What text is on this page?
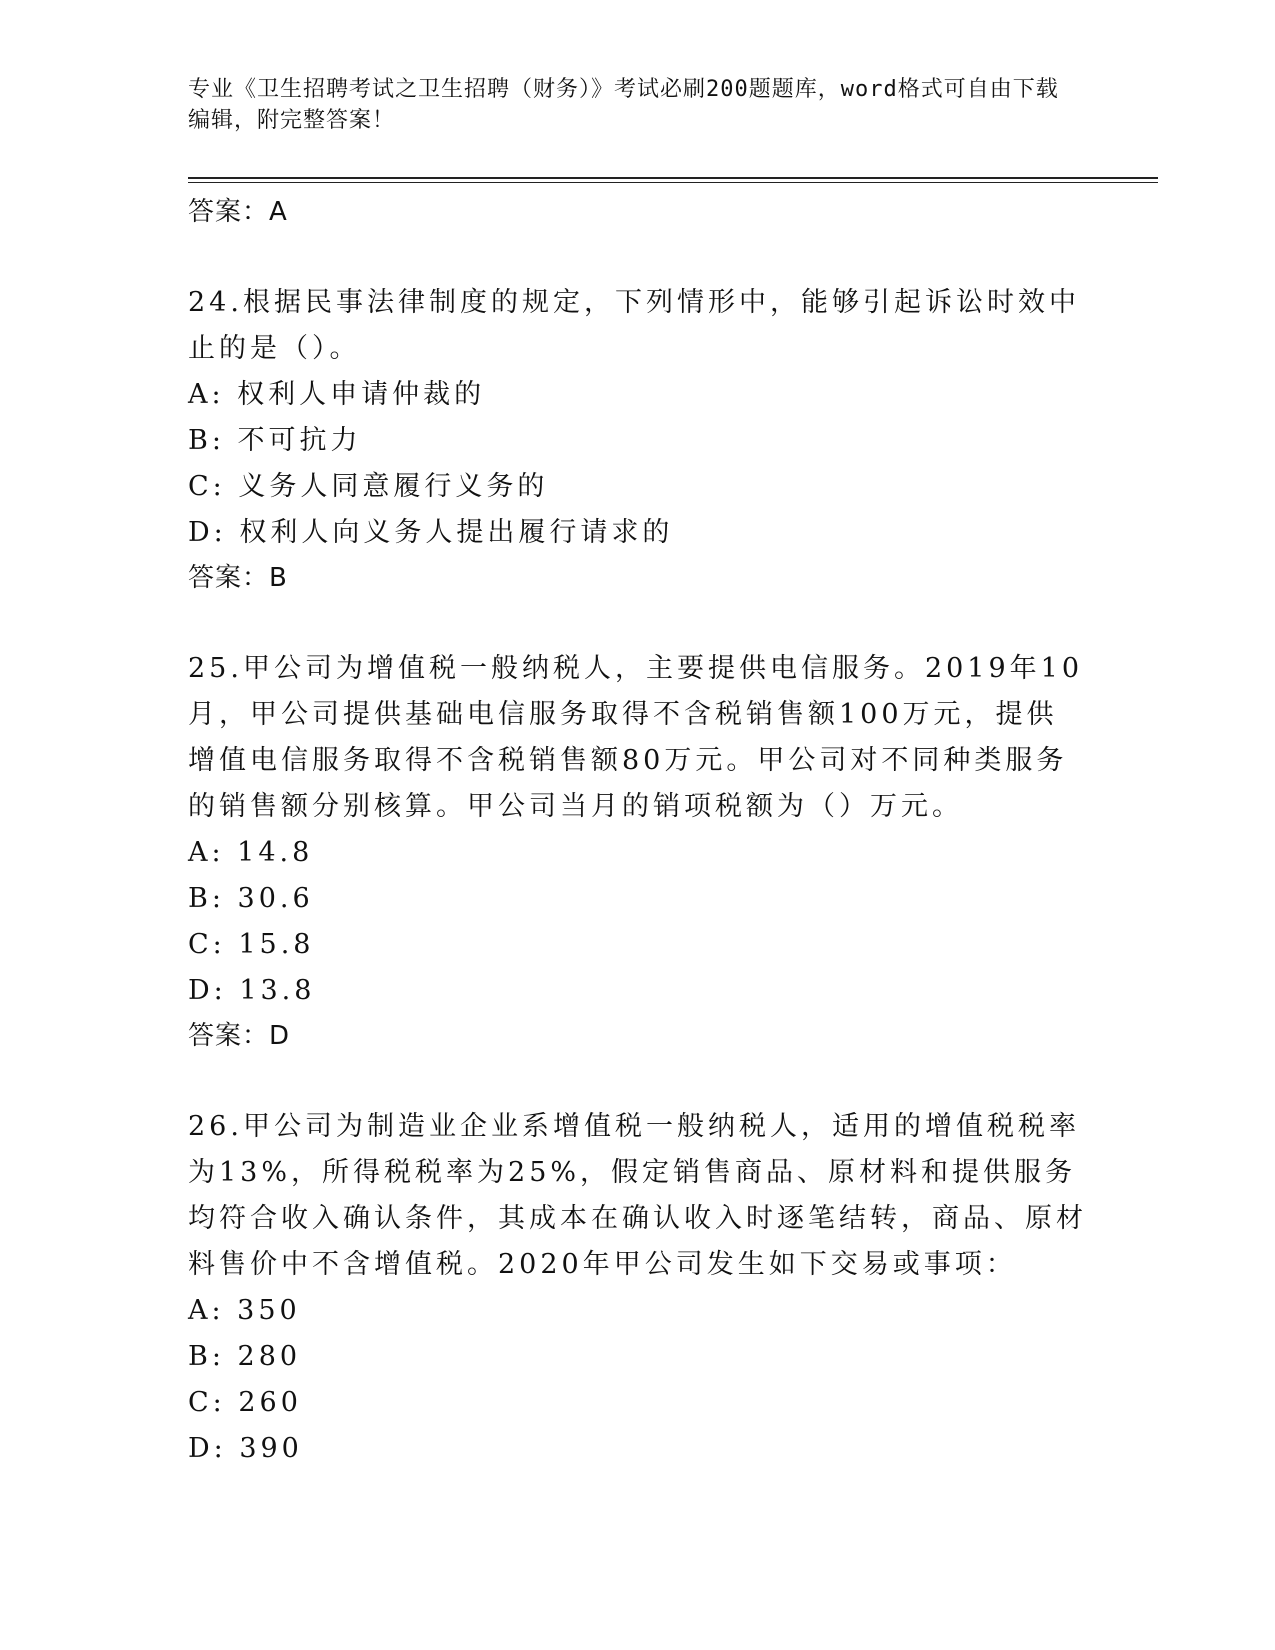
专业《卫生招聘考试之卫生招聘（财务）》考试必刷200题题库，word格式可自由下载编辑，附完整答案！

答案：A

24.根据民事法律制度的规定，下列情形中，能够引起诉讼时效中止的是（）。

A: 权利人申请仲裁的

B: 不可抗力

C: 义务人同意履行义务的

D: 权利人向义务人提出履行请求的

答案：B

25.甲公司为增值税一般纳税人，主要提供电信服务。2019年10月，甲公司提供基础电信服务取得不含税销售额100万元，提供增值电信服务取得不含税销售额80万元。甲公司对不同种类服务的销售额分别核算。甲公司当月的销项税额为（）万元。

A: 14.8

B: 30.6

C: 15.8

D: 13.8

答案：D

26.甲公司为制造业企业系增值税一般纳税人，适用的增值税税率为13%，所得税税率为25%，假定销售商品、原材料和提供服务均符合收入确认条件，其成本在确认收入时逐笔结转，商品、原材料售价中不含增值税。2020年甲公司发生如下交易或事项：

A: 350

B: 280

C: 260

D: 390
